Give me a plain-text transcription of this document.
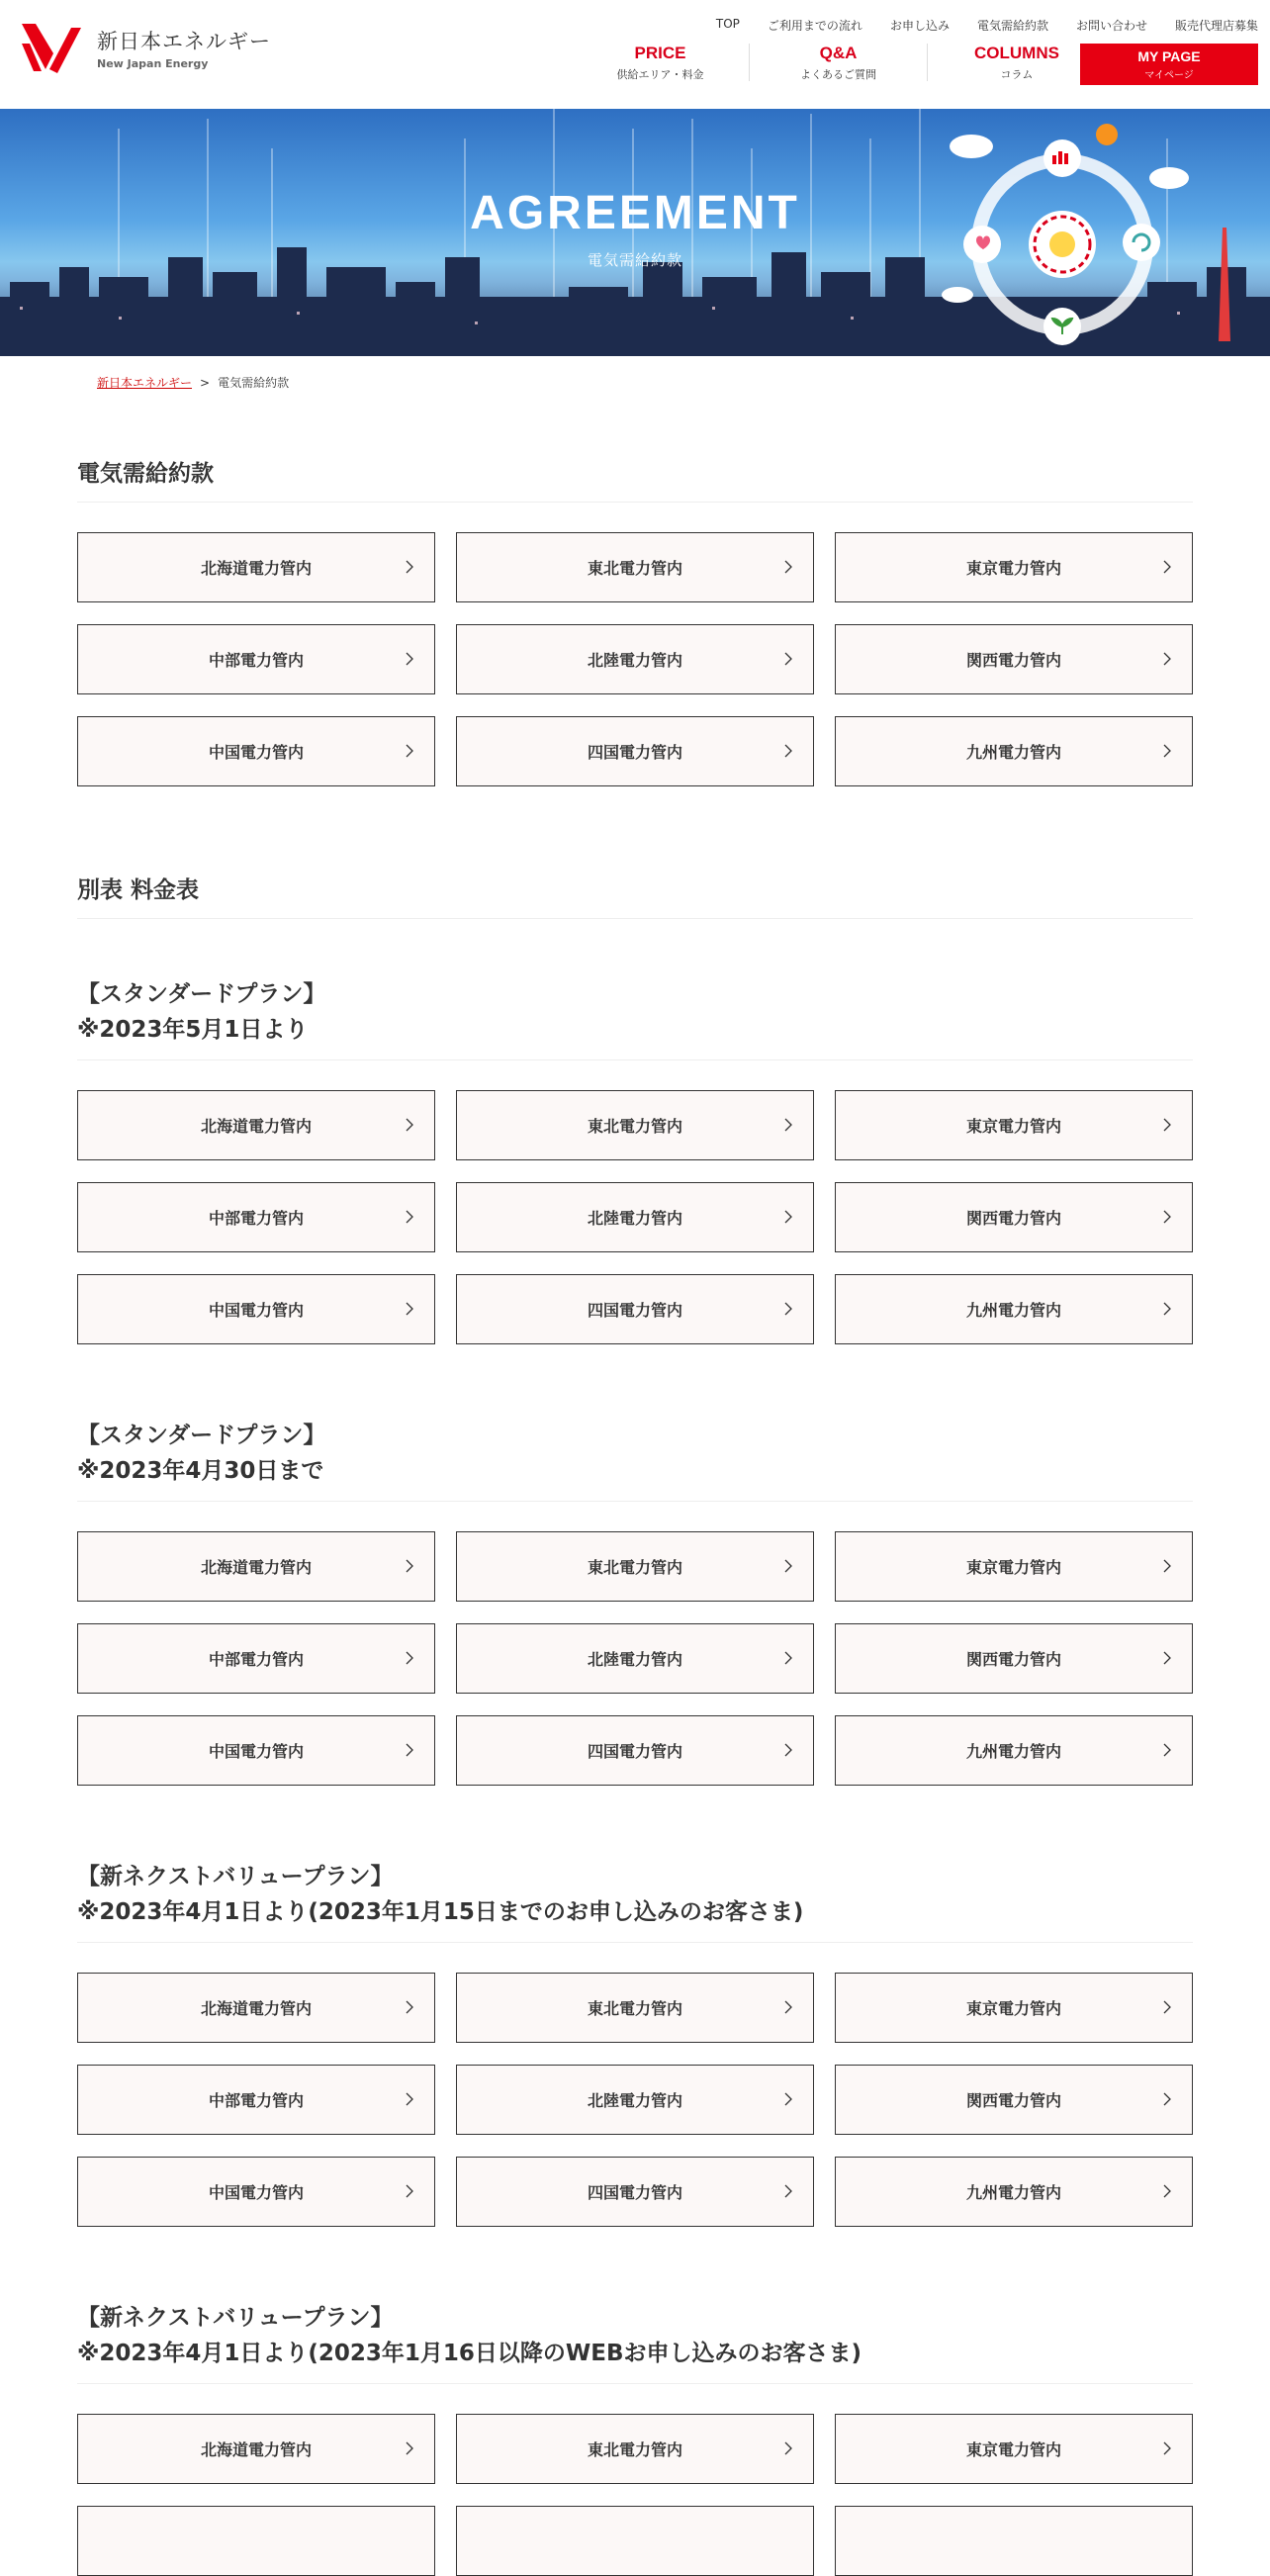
新日本エネルギー
New Japan Energy
TOP ご利用までの流れ お申し込み 電気需給約款 お問い合わせ 販売代理店募集
PRICE
供給エリア・料金
Q&A
よくあるご質問
COLUMNS
コラム
MY PAGE
マイページ
AGREEMENT
電気需給約款
新日本エネルギー > 電気需給約款
電気需給約款
北海道電力管内	東北電力管内	東京電力管内
中部電力管内	北陸電力管内	関西電力管内
中国電力管内	四国電力管内	九州電力管内
別表 料金表
【スタンダードプラン】
※2023年5月1日より
北海道電力管内	東北電力管内	東京電力管内
中部電力管内	北陸電力管内	関西電力管内
中国電力管内	四国電力管内	九州電力管内
【スタンダードプラン】
※2023年4月30日まで
北海道電力管内	東北電力管内	東京電力管内
中部電力管内	北陸電力管内	関西電力管内
中国電力管内	四国電力管内	九州電力管内
【新ネクストバリュープラン】
※2023年4月1日より(2023年1月15日までのお申し込みのお客さま)
北海道電力管内	東北電力管内	東京電力管内
中部電力管内	北陸電力管内	関西電力管内
中国電力管内	四国電力管内	九州電力管内
【新ネクストバリュープラン】
※2023年4月1日より(2023年1月16日以降のWEBお申し込みのお客さま)
北海道電力管内	東北電力管内	東京電力管内
